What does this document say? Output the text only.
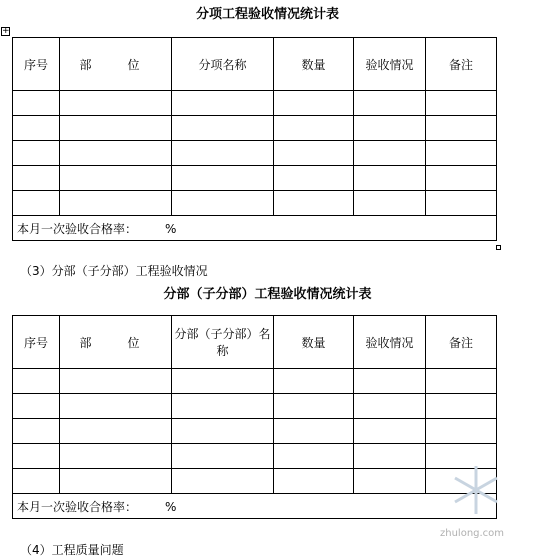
分项工程验收情况统计表
+
序号	部　位	分项名称	数量	验收情况	备注

本月一次验收合格率： %					
（3）分部（子分部）工程验收情况
分部（子分部）工程验收情况统计表
序号	部　位	分部（子分部）名称	数量	验收情况	备注

本月一次验收合格率： %					
（4）工程质量问题
zhulong.com
